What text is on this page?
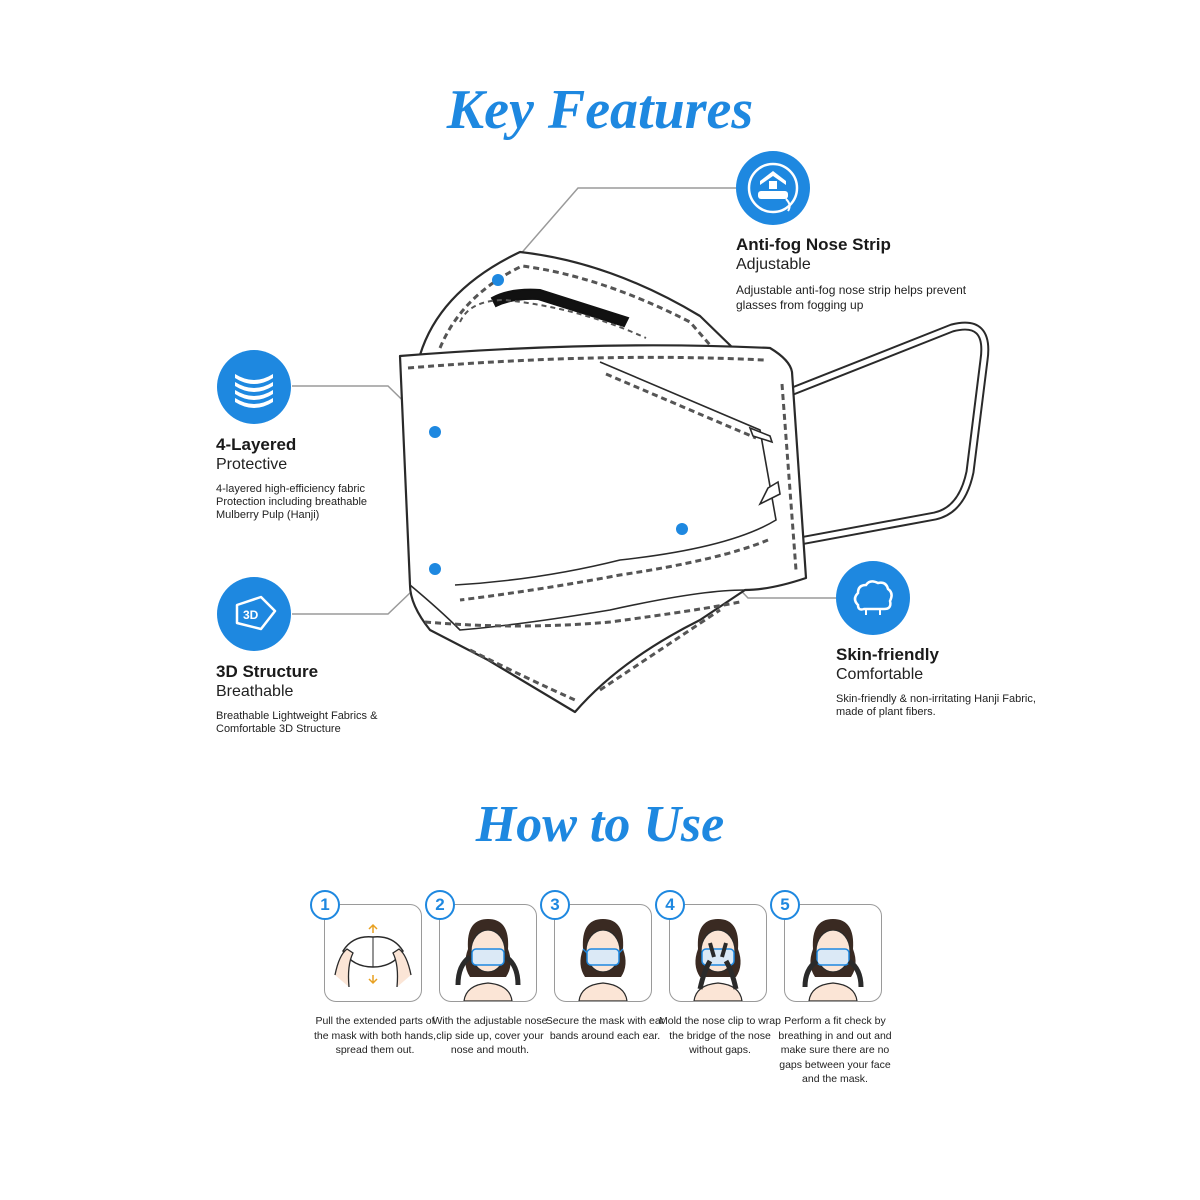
Key Features
Anti-fog Nose Strip
Adjustable
Adjustable anti-fog nose strip helps prevent glasses from fogging up
4-Layered
Protective
4-layered high-efficiency fabric Protection including breathable Mulberry Pulp (Hanji)
3D
3D Structure
Breathable
Breathable Lightweight Fabrics & Comfortable 3D Structure
Skin-friendly
Comfortable
Skin-friendly & non-irritating Hanji Fabric, made of plant fibers.
How to Use
1
Pull the extended parts of the mask with both hands, spread them out.
2
With the adjustable nose clip side up, cover your nose and mouth.
3
Secure the mask with ear bands around each ear.
4
Mold the nose clip to wrap the bridge of the nose without gaps.
5
Perform a fit check by breathing in and out and make sure there are no gaps between your face and the mask.
